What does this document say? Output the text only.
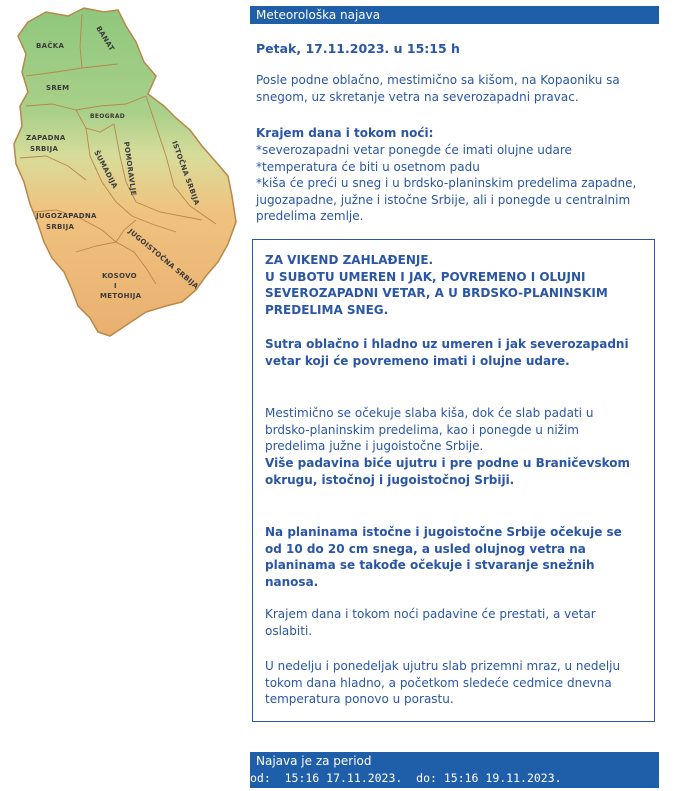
BAČKA	BANAT
SREM
BEOGRAD
ZAPADNA
SRBIJA
ŠUMADIJA POMORAVLJE	ISTOČNA SRBIJA
JUGOZAPADNA
SRBIJA
JUGOISTOČNA SRBIJA
KOSOVO
I
METOHIJA
Meteorološka najava
Petak, 17.11.2023. u 15:15 h
Posle podne oblačno, mestimično sa kišom, na Kopaoniku sa snegom, uz skretanje vetra na severozapadni pravac.
Krajem dana i tokom noći:
*severozapadni vetar ponegde će imati olujne udare
*temperatura će biti u osetnom padu
*kiša će preći u sneg i u brdsko-planinskim predelima zapadne, jugozapadne, južne i istočne Srbije, ali i ponegde u centralnim predelima zemlje.
ZA VIKEND ZAHLAĐENJE.
U SUBOTU UMEREN I JAK, POVREMENO I OLUJNI SEVEROZAPADNI VETAR, A U BRDSKO-PLANINSKIM PREDELIMA SNEG.
Sutra oblačno i hladno uz umeren i jak severozapadni vetar koji će povremeno imati i olujne udare.
Mestimično se očekuje slaba kiša, dok će slab padati u brdsko-planinskim predelima, kao i ponegde u nižim predelima južne i jugoistočne Srbije.
Više padavina biće ujutru i pre podne u Braničevskom okrugu, istočnoj i jugoistočnoj Srbiji.
Na planinama istočne i jugoistočne Srbije očekuje se od 10 do 20 cm snega, a usled olujnog vetra na planinama se takođe očekuje i stvaranje snežnih nanosa.
Krajem dana i tokom noći padavine će prestati, a vetar oslabiti.
U nedelju i ponedeljak ujutru slab prizemni mraz, u nedelju tokom dana hladno, a početkom sledeće cedmice dnevna temperatura ponovo u porastu.
Najava je za period
od:  15:16 17.11.2023.  do: 15:16 19.11.2023.
